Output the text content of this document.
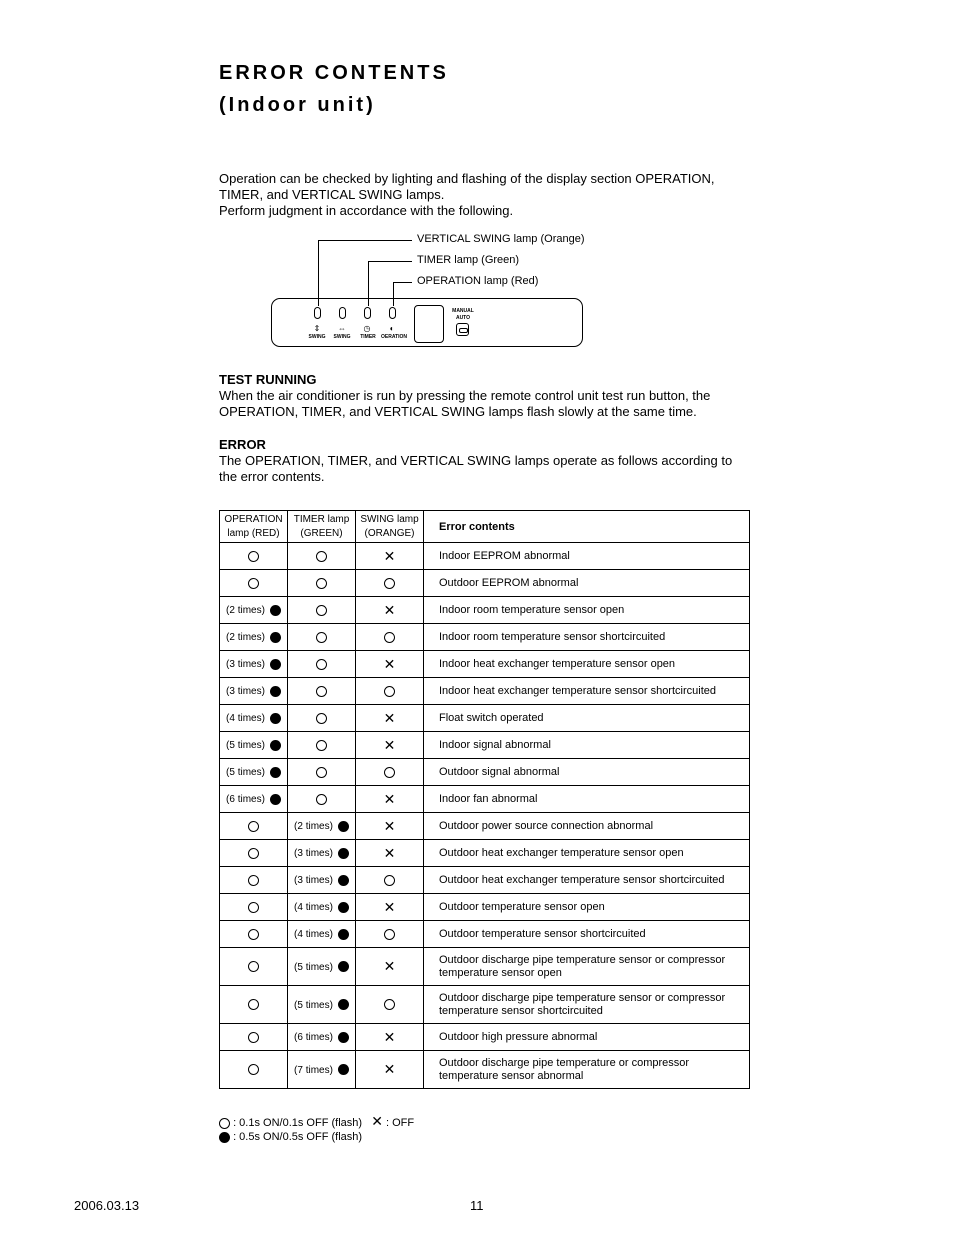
ERROR CONTENTS
(Indoor unit)
Operation can be checked by lighting and flashing of the display section OPERATION,
TIMER, and VERTICAL SWING lamps.
Perform judgment in accordance with the following.
VERTICAL SWING lamp (Orange)
TIMER lamp (Green)
OPERATION lamp (Red)
⇕	⇔	◷	◐
SWING	SWING	TIMER	OERATION
MANUAL
AUTO
TEST RUNNING
When the air conditioner is run by pressing the remote control unit test run button, the OPERATION, TIMER, and VERTICAL SWING lamps flash slowly at the same time.
ERROR
The OPERATION, TIMER, and VERTICAL SWING lamps operate as follows according to the error contents.
OPERATION lamp (RED)	TIMER lamp (GREEN)	SWING lamp (ORANGE)	Error contents
		✕	Indoor EEPROM abnormal
			Outdoor EEPROM abnormal
(2 times)		✕	Indoor room temperature sensor open
(2 times)			Indoor room temperature sensor shortcircuited
(3 times)		✕	Indoor heat exchanger temperature sensor open
(3 times)			Indoor heat exchanger temperature sensor shortcircuited
(4 times)		✕	Float switch operated
(5 times)		✕	Indoor signal abnormal
(5 times)			Outdoor signal abnormal
(6 times)		✕	Indoor fan abnormal
	(2 times)	✕	Outdoor power source connection abnormal
	(3 times)	✕	Outdoor heat exchanger temperature sensor open
	(3 times)		Outdoor heat exchanger temperature sensor shortcircuited
	(4 times)	✕	Outdoor temperature sensor open
	(4 times)		Outdoor temperature sensor shortcircuited
	(5 times)	✕	Outdoor discharge pipe temperature sensor or compressor temperature sensor open
	(5 times)		Outdoor discharge pipe temperature sensor or compressor temperature sensor shortcircuited
	(6 times)	✕	Outdoor high pressure abnormal
	(7 times)	✕	Outdoor discharge pipe temperature or compressor temperature sensor abnormal
: 0.1s ON/0.1s OFF (flash) ✕ : OFF
: 0.5s ON/0.5s OFF (flash)
2006.03.13	11
